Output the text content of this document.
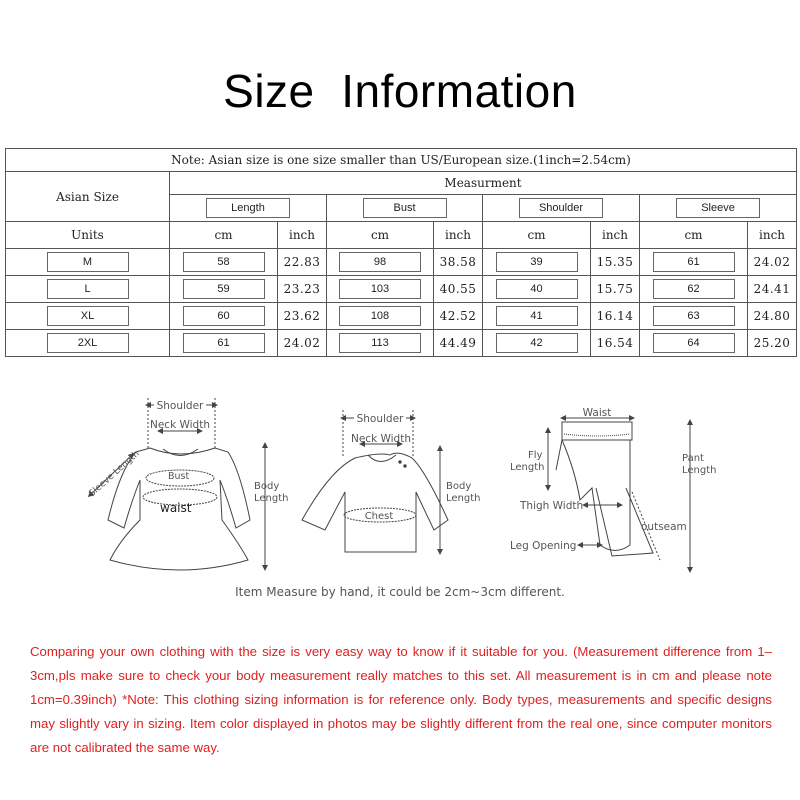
Size Information
Note: Asian size is one size smaller than US/European size.(1inch=2.54cm)								
Asian Size	Measurment							
	Length		Bust		Shoulder		Sleeve	
Units	cm	inch	cm	inch	cm	inch	cm	inch
M	58	22.83	98	38.58	39	15.35	61	24.02
L	59	23.23	103	40.55	40	15.75	62	24.41
XL	60	23.62	108	42.52	41	16.14	63	24.80
2XL	61	24.02	113	44.49	42	16.54	64	25.20
Shoulder
Neck Width
Bust
waist
Body Length
Sleeve Length
Shoulder
Neck Width
Chest
Body Length
Waist
Fly Length
Pant Length
Thigh Width
outseam
Leg Opening
Item Measure by hand, it could be 2cm~3cm different.
Comparing your own clothing with the size is very easy way to know if it suitable for you. (Measurement difference from 1– 3cm,pls make sure to check your body measurement really matches to this set. All measurement is in cm and please note 1cm=0.39inch) *Note: This clothing sizing information is for reference only. Body types, measurements and specific designs may slightly vary in sizing. Item color displayed in photos may be slightly different from the real one, since computer monitors are not calibrated the same way.
